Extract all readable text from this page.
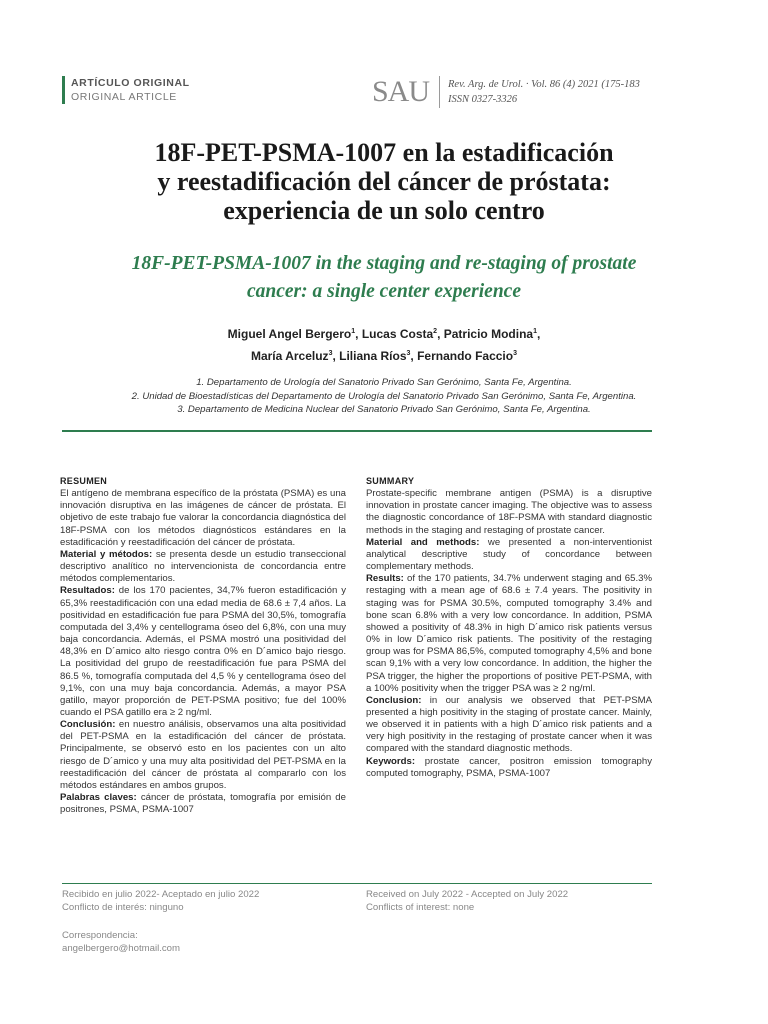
ARTÍCULO ORIGINAL
ORIGINAL ARTICLE	SAU Rev. Arg. de Urol. · Vol. 86 (4) 2021 (175-183
ISSN 0327-3326
18F-PET-PSMA-1007 en la estadificación
y reestadificación del cáncer de próstata:
experiencia de un solo centro
18F-PET-PSMA-1007 in the staging and re-staging of prostate
cancer: a single center experience
Miguel Angel Bergero$^1$, Lucas Costa$^2$, Patricio Modina$^1$,
María Arceluz$^3$, Liliana Ríos$^3$, Fernando Faccio$^3$
1. Departamento de Urología del Sanatorio Privado San Gerónimo, Santa Fe, Argentina.
2. Unidad de Bioestadísticas del Departamento de Urología del Sanatorio Privado San Gerónimo, Santa Fe, Argentina.
3. Departamento de Medicina Nuclear del Sanatorio Privado San Gerónimo, Santa Fe, Argentina.
RESUMEN

El antígeno de membrana específico de la próstata (PSMA) es una innovación disruptiva en las imágenes de cáncer de próstata. El objetivo de este trabajo fue valorar la concordancia diagnóstica del 18F-PSMA con los métodos diagnósticos estándares en la estadificación y reestadificación del cáncer de próstata.

Material y métodos: se presenta desde un estudio transeccional descriptivo analítico no intervencionista de concordancia entre métodos complementarios.

Resultados: de los 170 pacientes, 34,7% fueron estadificación y 65,3% reestadificación con una edad media de 68.6 ± 7,4 años. La positividad en estadificación fue para PSMA del 30,5%, tomografía computada del 3,4% y centellograma óseo del 6,8%, con una muy baja concordancia. Además, el PSMA mostró una positividad del 48,3% en D´amico alto riesgo contra 0% en D´amico bajo riesgo. La positividad del grupo de reestadificación fue para PSMA del 86.5 %, tomografía computada del 4,5 % y centellograma óseo del 9,1%, con una muy baja concordancia. Además, a mayor PSA gatillo, mayor proporción de PET-PSMA positivo; fue del 100% cuando el PSA gatillo era ≥ 2 ng/ml.

Conclusión: en nuestro análisis, observamos una alta positividad del PET-PSMA en la estadificación del cáncer de próstata. Principalmente, se observó esto en los pacientes con un alto riesgo de D´amico y una muy alta positividad del PET-PSMA en la reestadificación del cáncer de próstata al compararlo con los métodos estándares en ambos grupos.

Palabras claves: cáncer de próstata, tomografía por emisión de positrones, PSMA, PSMA-1007

SUMMARY

Prostate-specific membrane antigen (PSMA) is a disruptive innovation in prostate cancer imaging. The objective was to assess the diagnostic concordance of 18F-PSMA with standard diagnostic methods in the staging and restaging of prostate cancer.

Material and methods: we presented a non-interventionist analytical descriptive study of concordance between complementary methods.

Results: of the 170 patients, 34.7% underwent staging and 65.3% restaging with a mean age of 68.6 ± 7.4 years. The positivity in staging was for PSMA 30.5%, computed tomography 3.4% and bone scan 6.8% with a very low concordance. In addition, PSMA showed a positivity of 48.3% in high D´amico risk patients versus 0% in low D´amico risk patients. The positivity of the restaging group was for PSMA 86,5%, computed tomography 4,5% and bone scan 9,1% with a very low concordance. In addition, the higher the PSA trigger, the higher the proportions of positive PET-PSMA, with a 100% positivity when the trigger PSA was ≥ 2 ng/ml.

Conclusion: in our analysis we observed that PET-PSMA presented a high positivity in the staging of prostate cancer. Mainly, we observed it in patients with a high D´amico risk patients and a very high positivity in the restaging of prostate cancer when it was compared with the standard diagnostic methods.

Keywords: prostate cancer, positron emission tomography computed tomography, PSMA, PSMA-1007

Recibido en julio 2022- Aceptado en julio 2022
Conflicto de interés: ninguno
Received on July 2022 - Accepted on July 2022
Conflicts of interest: none
Correspondencia:
angelbergero@hotmail.com
